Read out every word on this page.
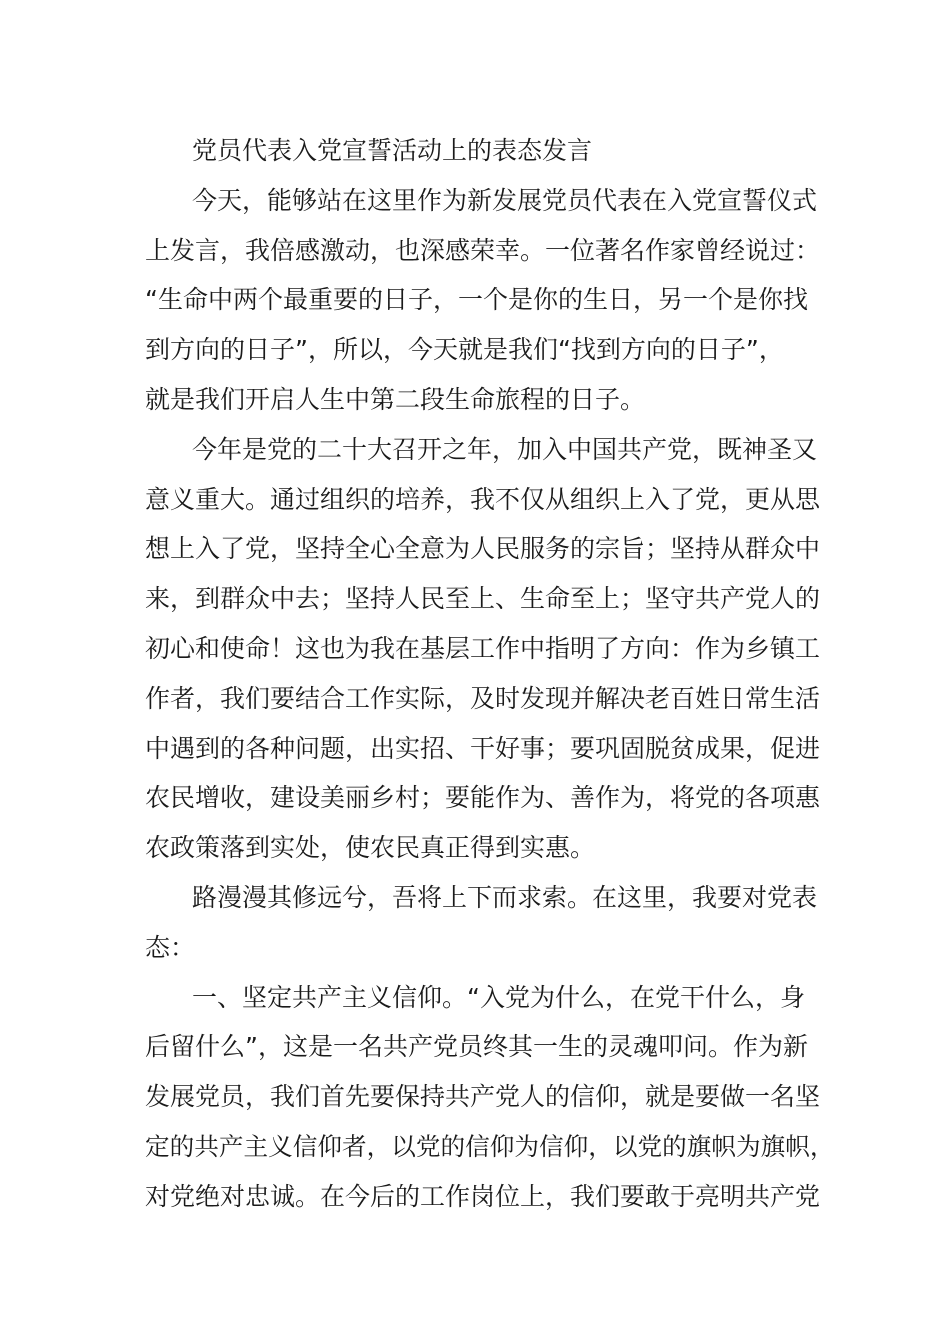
党员代表入党宣誓活动上的表态发言
今天，能够站在这里作为新发展党员代表在入党宣誓仪式
上发言，我倍感激动，也深感荣幸。一位著名作家曾经说过：
“生命中两个最重要的日子，一个是你的生日，另一个是你找
到方向的日子”，所以，今天就是我们“找到方向的日子”，
就是我们开启人生中第二段生命旅程的日子。
今年是党的二十大召开之年，加入中国共产党，既神圣又
意义重大。通过组织的培养，我不仅从组织上入了党，更从思
想上入了党，坚持全心全意为人民服务的宗旨；坚持从群众中
来，到群众中去；坚持人民至上、生命至上；坚守共产党人的
初心和使命！这也为我在基层工作中指明了方向：作为乡镇工
作者，我们要结合工作实际，及时发现并解决老百姓日常生活
中遇到的各种问题，出实招、干好事；要巩固脱贫成果，促进
农民增收，建设美丽乡村；要能作为、善作为，将党的各项惠
农政策落到实处，使农民真正得到实惠。
路漫漫其修远兮，吾将上下而求索。在这里，我要对党表
态：
一、坚定共产主义信仰。“入党为什么，在党干什么，身
后留什么”，这是一名共产党员终其一生的灵魂叩问。作为新
发展党员，我们首先要保持共产党人的信仰，就是要做一名坚
定的共产主义信仰者，以党的信仰为信仰，以党的旗帜为旗帜，
对党绝对忠诚。在今后的工作岗位上，我们要敢于亮明共产党
